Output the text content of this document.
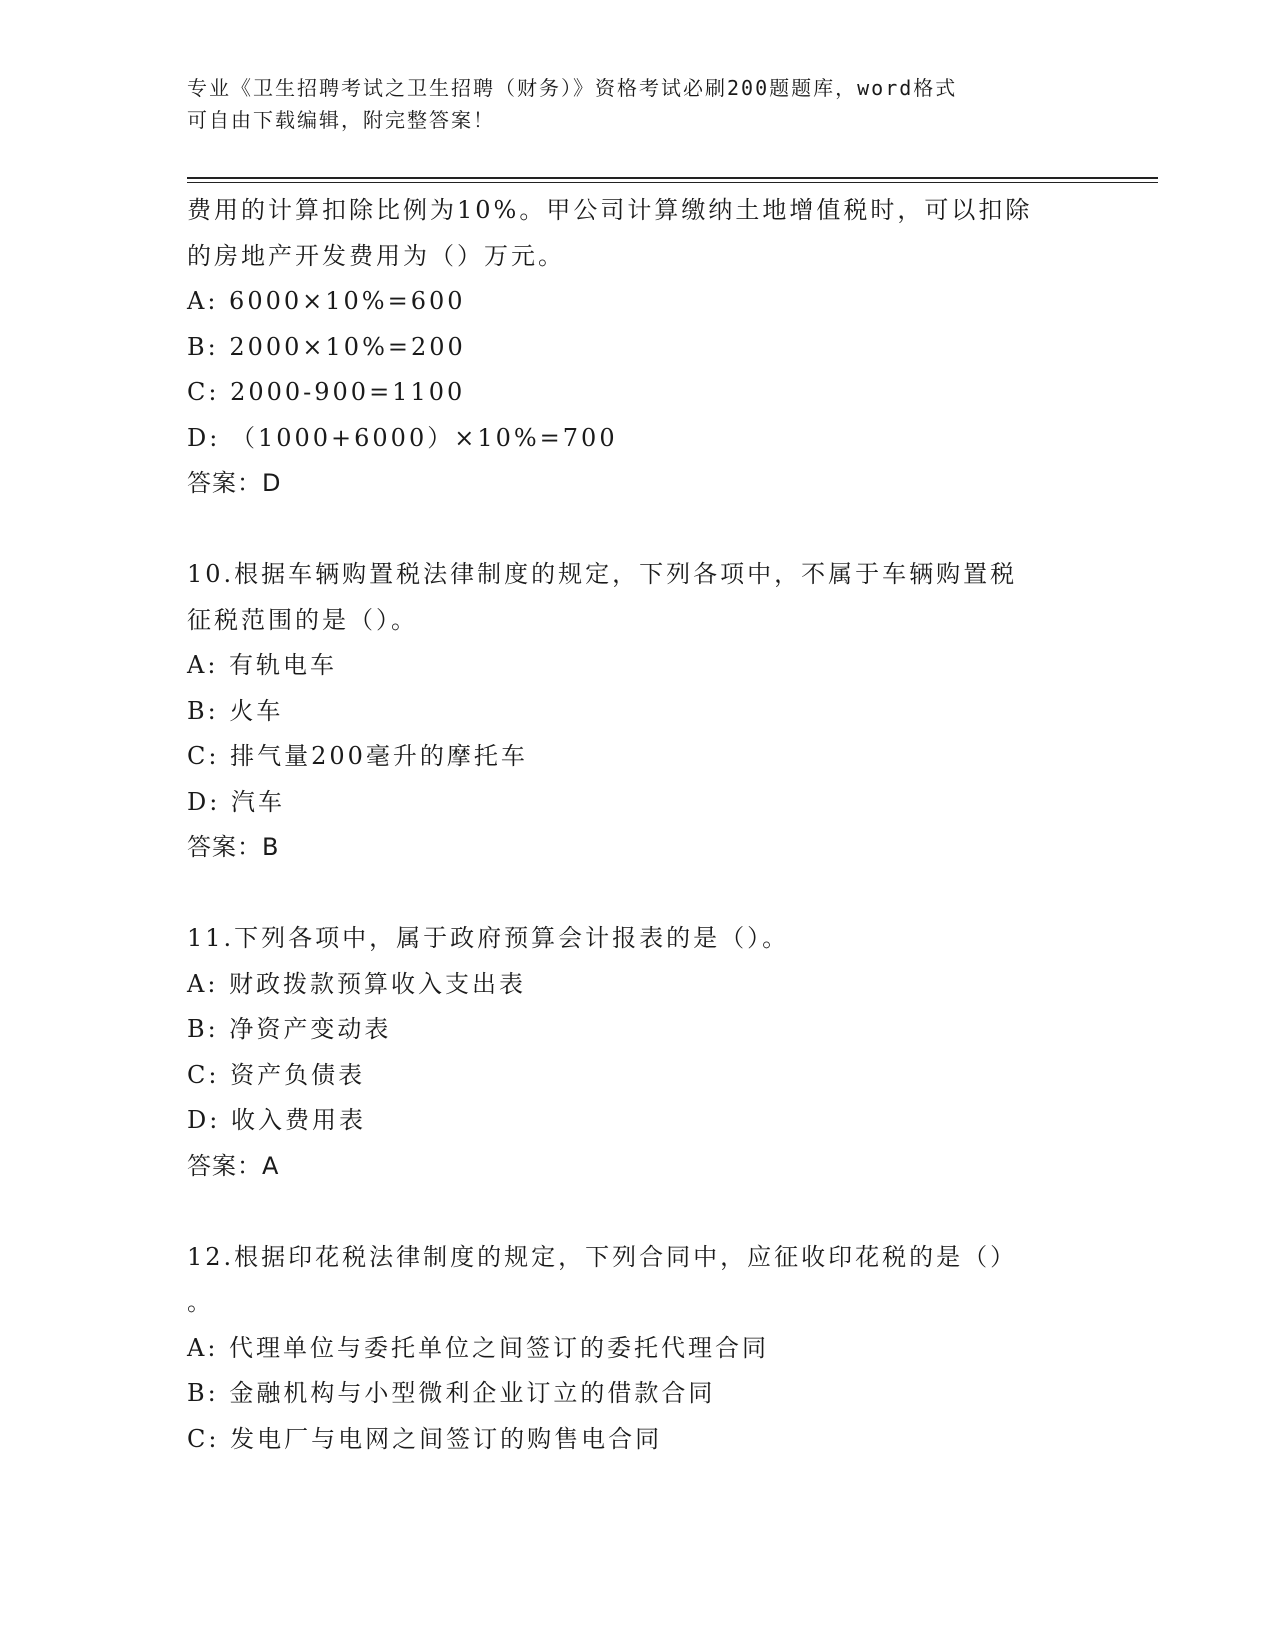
专业《卫生招聘考试之卫生招聘（财务）》资格考试必刷200题题库，word格式
可自由下载编辑，附完整答案！
费用的计算扣除比例为10%。甲公司计算缴纳土地增值税时，可以扣除
的房地产开发费用为（）万元。
A: 6000×10%=600
B: 2000×10%=200
C: 2000-900=1100
D: （1000+6000）×10%=700
答案：D
10.根据车辆购置税法律制度的规定，下列各项中，不属于车辆购置税
征税范围的是（）。
A: 有轨电车
B: 火车
C: 排气量200毫升的摩托车
D: 汽车
答案：B
11.下列各项中，属于政府预算会计报表的是（）。
A: 财政拨款预算收入支出表
B: 净资产变动表
C: 资产负债表
D: 收入费用表
答案：A
12.根据印花税法律制度的规定，下列合同中，应征收印花税的是（）
。
A: 代理单位与委托单位之间签订的委托代理合同
B: 金融机构与小型微利企业订立的借款合同
C: 发电厂与电网之间签订的购售电合同
